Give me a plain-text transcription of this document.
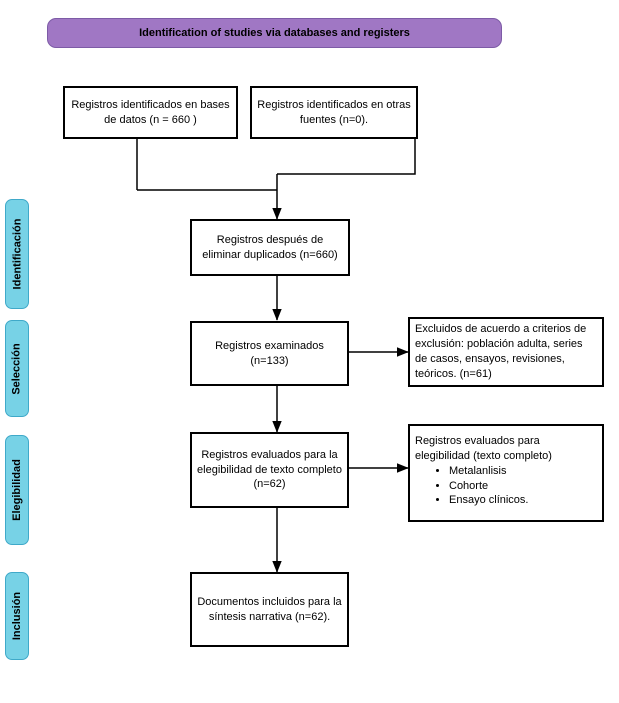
Identification of studies via databases and registers
Identificación
Selección
Elegibilidad
Inclusión
Registros identificados en bases de datos (n = 660 )
Registros identificados en otras fuentes (n=0).
Registros después de eliminar duplicados (n=660)
Registros examinados (n=133)
Excluidos de acuerdo a criterios de exclusión: población adulta, series de casos, ensayos, revisiones, teóricos. (n=61)
Registros evaluados para la elegibilidad de texto completo (n=62)
Registros evaluados para elegibilidad (texto completo)
• Metalanlisis
• Cohorte
• Ensayo clínicos.
Documentos incluidos para la síntesis narrativa (n=62).
